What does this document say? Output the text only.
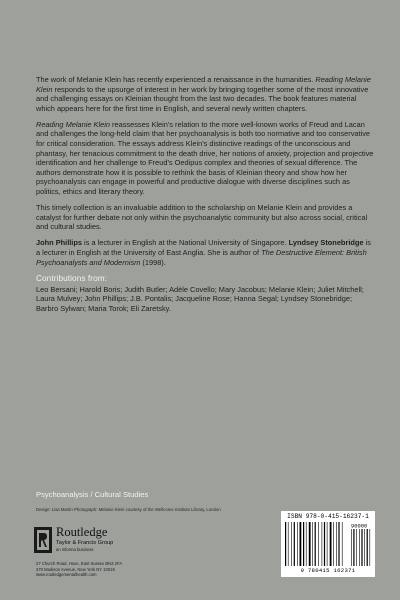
The work of Melanie Klein has recently experienced a renaissance in the humanities. Reading Melanie Klein responds to the upsurge of interest in her work by bringing together some of the most innovative and challenging essays on Kleinian thought from the last two decades. The book features material which appears here for the first time in English, and several newly written chapters.

Reading Melanie Klein reassesses Klein's relation to the more well-known works of Freud and Lacan and challenges the long-held claim that her psychoanalysis is both too normative and too conservative for critical consideration. The essays address Klein's distinctive readings of the unconscious and phantasy, her tenacious commitment to the death drive, her notions of anxiety, projection and projective identification and her challenge to Freud's Oedipus complex and theories of sexual difference. The authors demonstrate how it is possible to rethink the basis of Kleinian theory and show how her psychoanalysis can engage in powerful and productive dialogue with diverse disciplines such as politics, ethics and literary theory.

This timely collection is an invaluable addition to the scholarship on Melanie Klein and provides a catalyst for further debate not only within the psychoanalytic community but also across social, critical and cultural studies.

John Phillips is a lecturer in English at the National University of Singapore. Lyndsey Stonebridge is a lecturer in English at the University of East Anglia. She is author of The Destructive Element: British Psychoanalysts and Modernism (1998).

Contributions from:
Leo Bersani; Harold Boris; Judith Butler; Adèle Covello; Mary Jacobus; Melanie Klein; Juliet Mitchell; Laura Mulvey; John Phillips; J.B. Pontalis; Jacqueline Rose; Hanna Segal; Lyndsey Stonebridge; Barbro Sylwan; Maria Torok; Eli Zaretsky.
Psychoanalysis / Cultural Studies
Design: Lisa Martin Photograph: Melanie Klein courtesy of the Wellcome Institute Library, London
Routledge
Taylor & Francis Group
an informa business
27 Church Road, Hove, East Sussex BN3 2FA
270 Madison Avenue, New York NY 10016
www.routledgementalhealth.com
ISBN 978-0-415-16237-1
90000
9 780415 162371
